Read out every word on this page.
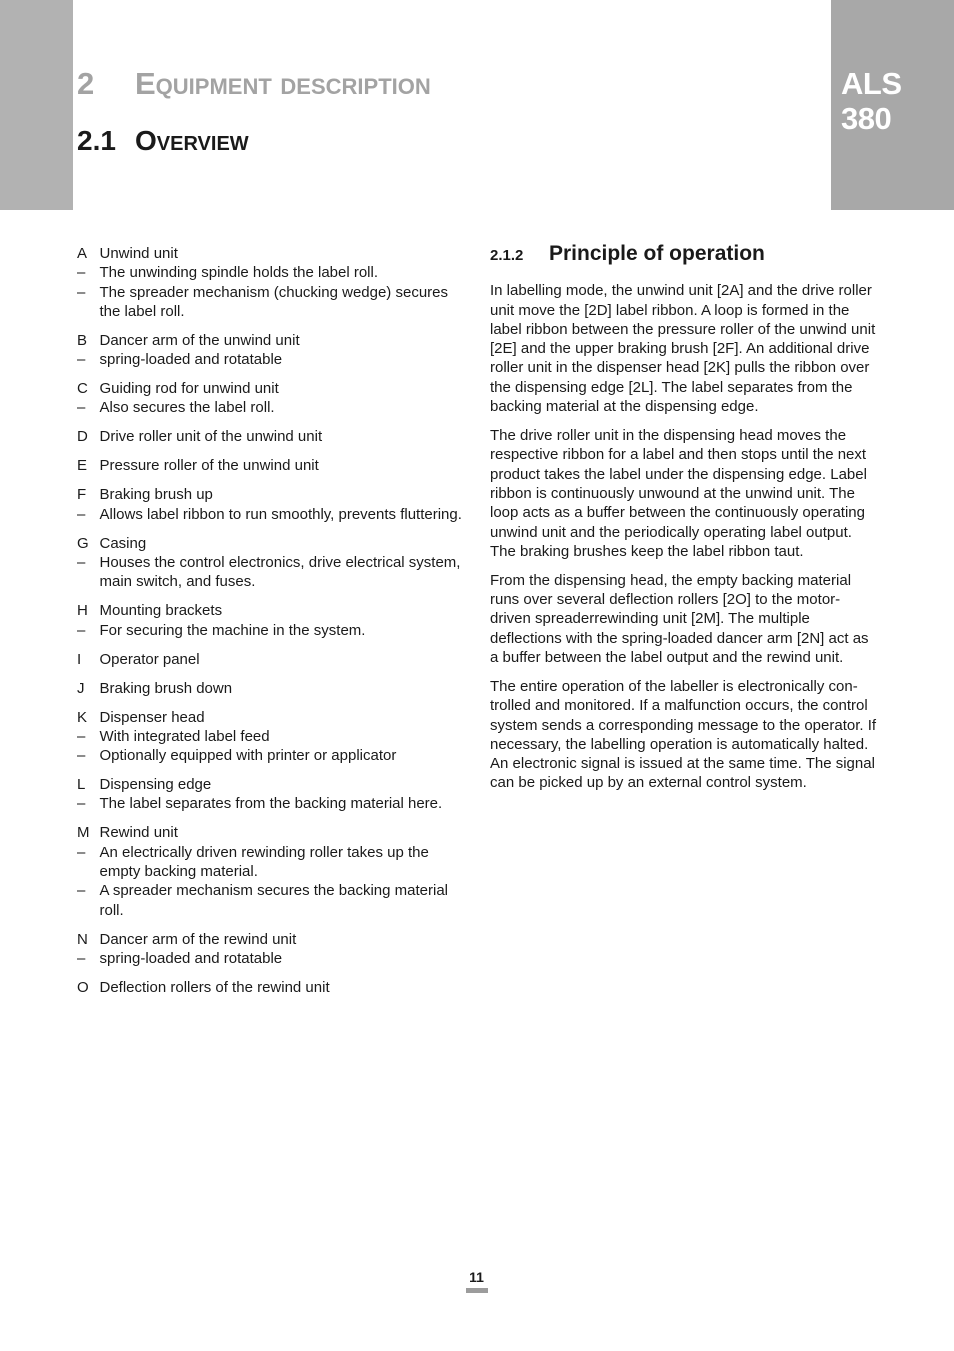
ALS
380
2 Equipment description
2.1 Overview
A Unwind unit
– The unwinding spindle holds the label roll.
– The spreader mechanism (chucking wedge) secures the label roll.
B Dancer arm of the unwind unit
– spring-loaded and rotatable
C Guiding rod for unwind unit
– Also secures the label roll.
D Drive roller unit of the unwind unit
E Pressure roller of the unwind unit
F Braking brush up
– Allows label ribbon to run smoothly, prevents fluttering.
G Casing
– Houses the control electronics, drive electrical system, main switch, and fuses.
H Mounting brackets
– For securing the machine in the system.
I	Operator panel
J	Braking brush down
K Dispenser head
– With integrated label feed
– Optionally equipped with printer or applicator
L Dispensing edge
– The label separates from the backing material here.
M Rewind unit
– An electrically driven rewinding roller takes up the empty backing material.
– A spreader mechanism secures the backing material roll.
N Dancer arm of the rewind unit
– spring-loaded and rotatable
O Deflection rollers of the rewind unit
2.1.2 Principle of operation

In labelling mode, the unwind unit [2A] and the drive roller unit move the [2D] label ribbon. A loop is formed in the label ribbon between the pressure roller of the unwind unit [2E] and the upper braking brush [2F]. An additional drive roller unit in the dispenser head [2K] pulls the ribbon over the dispensing edge [2L]. The label separates from the backing material at the dispensing edge.

The drive roller unit in the dispensing head moves the respective ribbon for a label and then stops until the next product takes the label under the dispensing edge. Label ribbon is continuously unwound at the unwind unit. The loop acts as a buffer between the continuously operating unwind unit and the periodically operating label output. The braking brushes keep the label ribbon taut.

From the dispensing head, the empty backing material runs over several deflection rollers [2O] to the motor-driven spreaderrewinding unit [2M]. The multiple deflections with the spring-loaded dancer arm [2N] act as a buffer between the label output and the rewind unit.

The entire operation of the labeller is electronically controlled and monitored. If a malfunction occurs, the control system sends a corresponding message to the operator. If necessary, the labelling operation is automatically halted. An electronic signal is issued at the same time. The signal can be picked up by an external control system.

11
